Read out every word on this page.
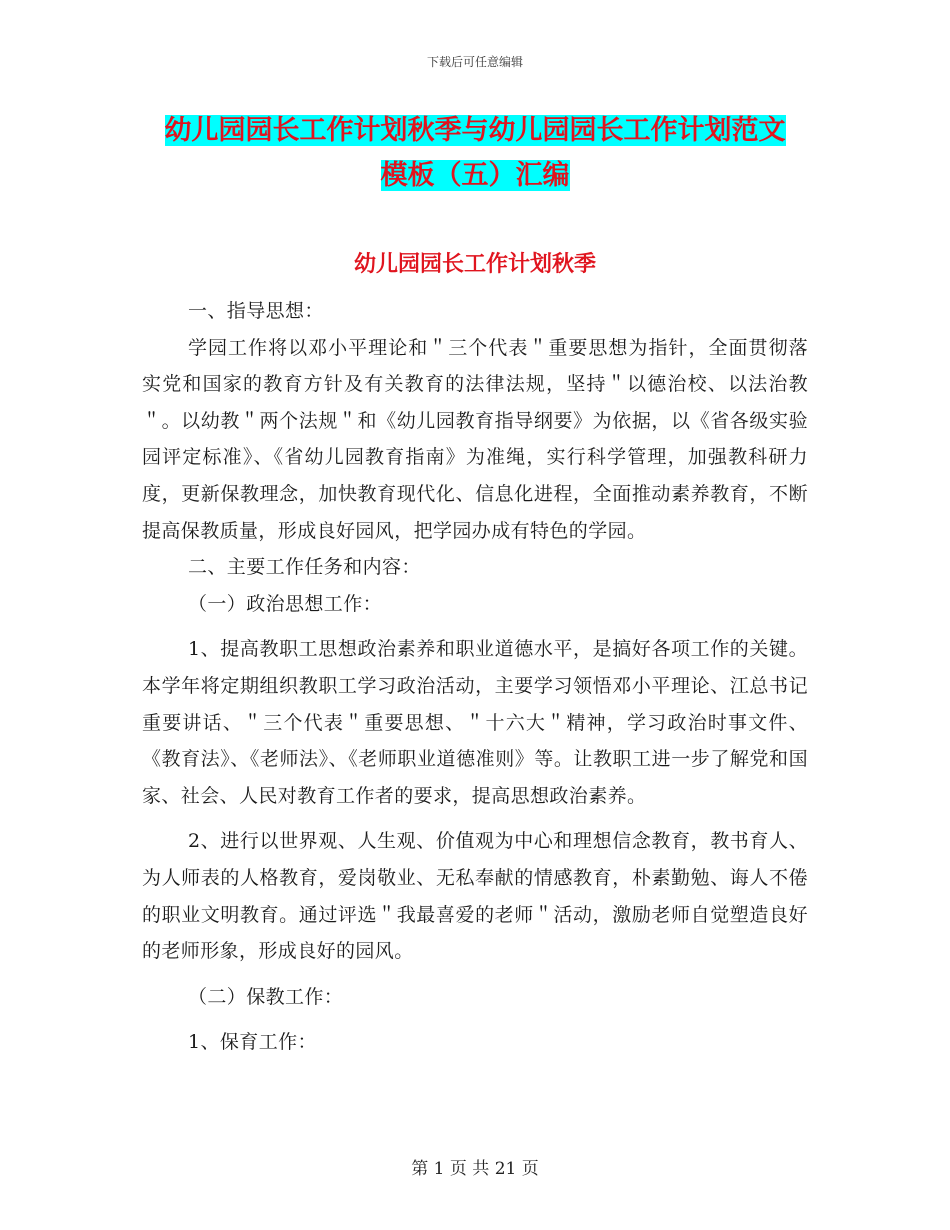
下载后可任意编辑
幼儿园园长工作计划秋季与幼儿园园长工作计划范文
模板（五）汇编
幼儿园园长工作计划秋季

一、指导思想：

学园工作将以邓小平理论和＂三个代表＂重要思想为指针，全面贯彻落实党和国家的教育方针及有关教育的法律法规，坚持＂以德治校、以法治教＂。以幼教＂两个法规＂和《幼儿园教育指导纲要》为依据，以《省各级实验园评定标准》、《省幼儿园教育指南》为准绳，实行科学管理，加强教科研力度，更新保教理念，加快教育现代化、信息化进程，全面推动素养教育，不断提高保教质量，形成良好园风，把学园办成有特色的学园。

二、主要工作任务和内容：

（一）政治思想工作：

1、提高教职工思想政治素养和职业道德水平，是搞好各项工作的关键。本学年将定期组织教职工学习政治活动，主要学习领悟邓小平理论、江总书记重要讲话、＂三个代表＂重要思想、＂十六大＂精神，学习政治时事文件、《教育法》、《老师法》、《老师职业道德准则》等。让教职工进一步了解党和国家、社会、人民对教育工作者的要求，提高思想政治素养。

2、进行以世界观、人生观、价值观为中心和理想信念教育，教书育人、为人师表的人格教育，爱岗敬业、无私奉献的情感教育，朴素勤勉、诲人不倦的职业文明教育。通过评选＂我最喜爱的老师＂活动，激励老师自觉塑造良好的老师形象，形成良好的园风。

（二）保教工作：

1、保育工作：

第 1 页 共 21 页
